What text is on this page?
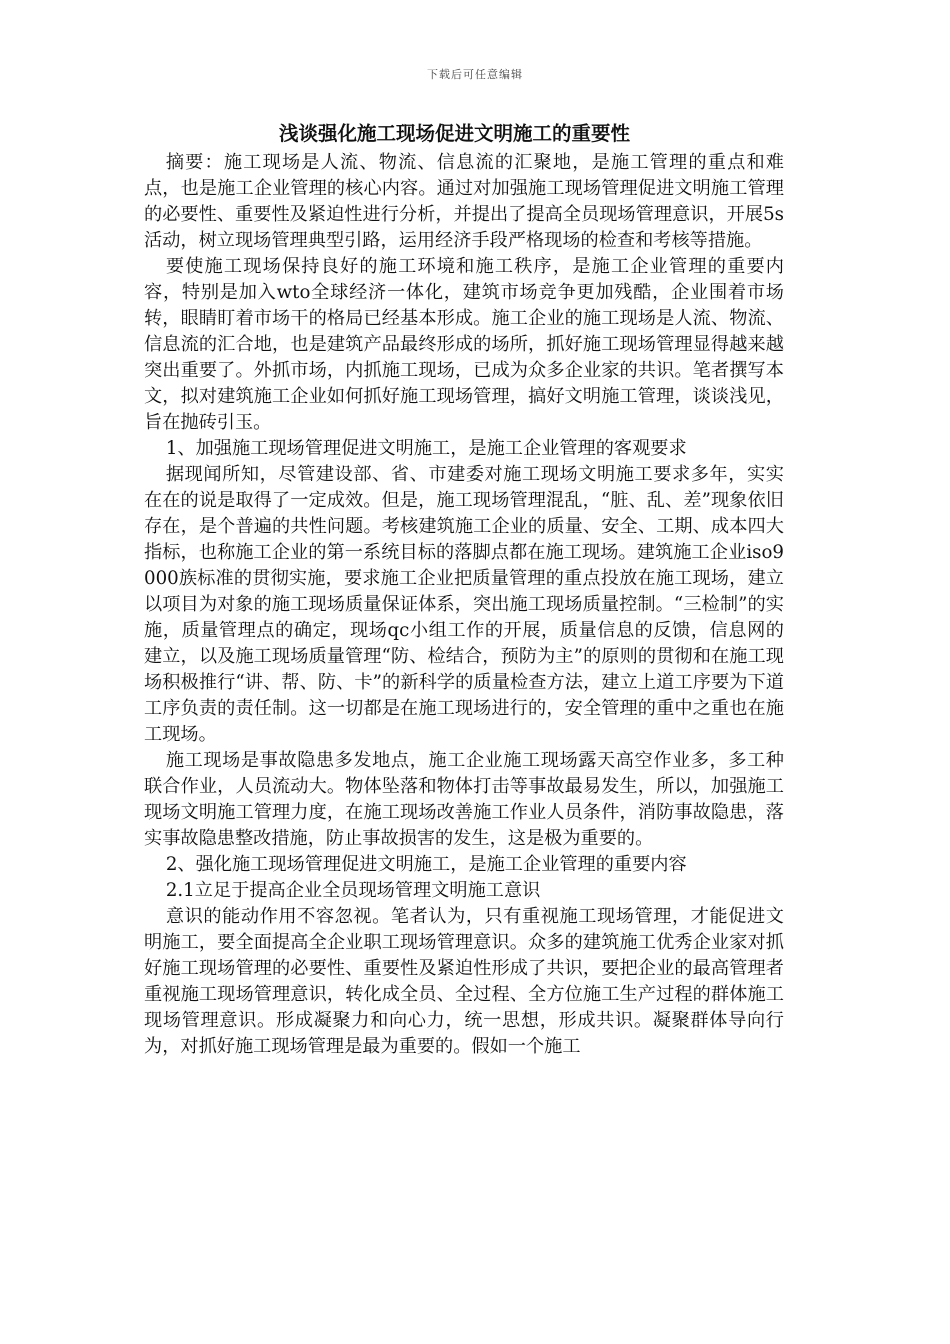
下载后可任意编辑
浅谈强化施工现场促进文明施工的重要性

摘要：施工现场是人流、物流、信息流的汇聚地，是施工管理的重点和难点，也是施工企业管理的核心内容。通过对加强施工现场管理促进文明施工管理的必要性、重要性及紧迫性进行分析，并提出了提高全员现场管理意识，开展5s活动，树立现场管理典型引路，运用经济手段严格现场的检查和考核等措施。

要使施工现场保持良好的施工环境和施工秩序，是施工企业管理的重要内容，特别是加入wto全球经济一体化，建筑市场竞争更加残酷，企业围着市场转，眼睛盯着市场干的格局已经基本形成。施工企业的施工现场是人流、物流、信息流的汇合地，也是建筑产品最终形成的场所，抓好施工现场管理显得越来越突出重要了。外抓市场，内抓施工现场，已成为众多企业家的共识。笔者撰写本文，拟对建筑施工企业如何抓好施工现场管理，搞好文明施工管理，谈谈浅见，旨在抛砖引玉。

1、加强施工现场管理促进文明施工，是施工企业管理的客观要求

据现闻所知，尽管建设部、省、市建委对施工现场文明施工要求多年，实实在在的说是取得了一定成效。但是，施工现场管理混乱，“脏、乱、差”现象依旧存在，是个普遍的共性问题。考核建筑施工企业的质量、安全、工期、成本四大指标，也称施工企业的第一系统目标的落脚点都在施工现场。建筑施工企业iso9000族标准的贯彻实施，要求施工企业把质量管理的重点投放在施工现场，建立以项目为对象的施工现场质量保证体系，突出施工现场质量控制。“三检制”的实施，质量管理点的确定，现场qc小组工作的开展，质量信息的反馈，信息网的建立，以及施工现场质量管理“防、检结合，预防为主”的原则的贯彻和在施工现场积极推行“讲、帮、防、卡”的新科学的质量检查方法，建立上道工序要为下道工序负责的责任制。这一切都是在施工现场进行的，安全管理的重中之重也在施工现场。

施工现场是事故隐患多发地点，施工企业施工现场露天高空作业多，多工种联合作业，人员流动大。物体坠落和物体打击等事故最易发生，所以，加强施工现场文明施工管理力度，在施工现场改善施工作业人员条件，消防事故隐患，落实事故隐患整改措施，防止事故损害的发生，这是极为重要的。

2、强化施工现场管理促进文明施工，是施工企业管理的重要内容

2.1立足于提高企业全员现场管理文明施工意识

意识的能动作用不容忽视。笔者认为，只有重视施工现场管理，才能促进文明施工，要全面提高全企业职工现场管理意识。众多的建筑施工优秀企业家对抓好施工现场管理的必要性、重要性及紧迫性形成了共识，要把企业的最高管理者重视施工现场管理意识，转化成全员、全过程、全方位施工生产过程的群体施工现场管理意识。形成凝聚力和向心力，统一思想，形成共识。凝聚群体导向行为，对抓好施工现场管理是最为重要的。假如一个施工
